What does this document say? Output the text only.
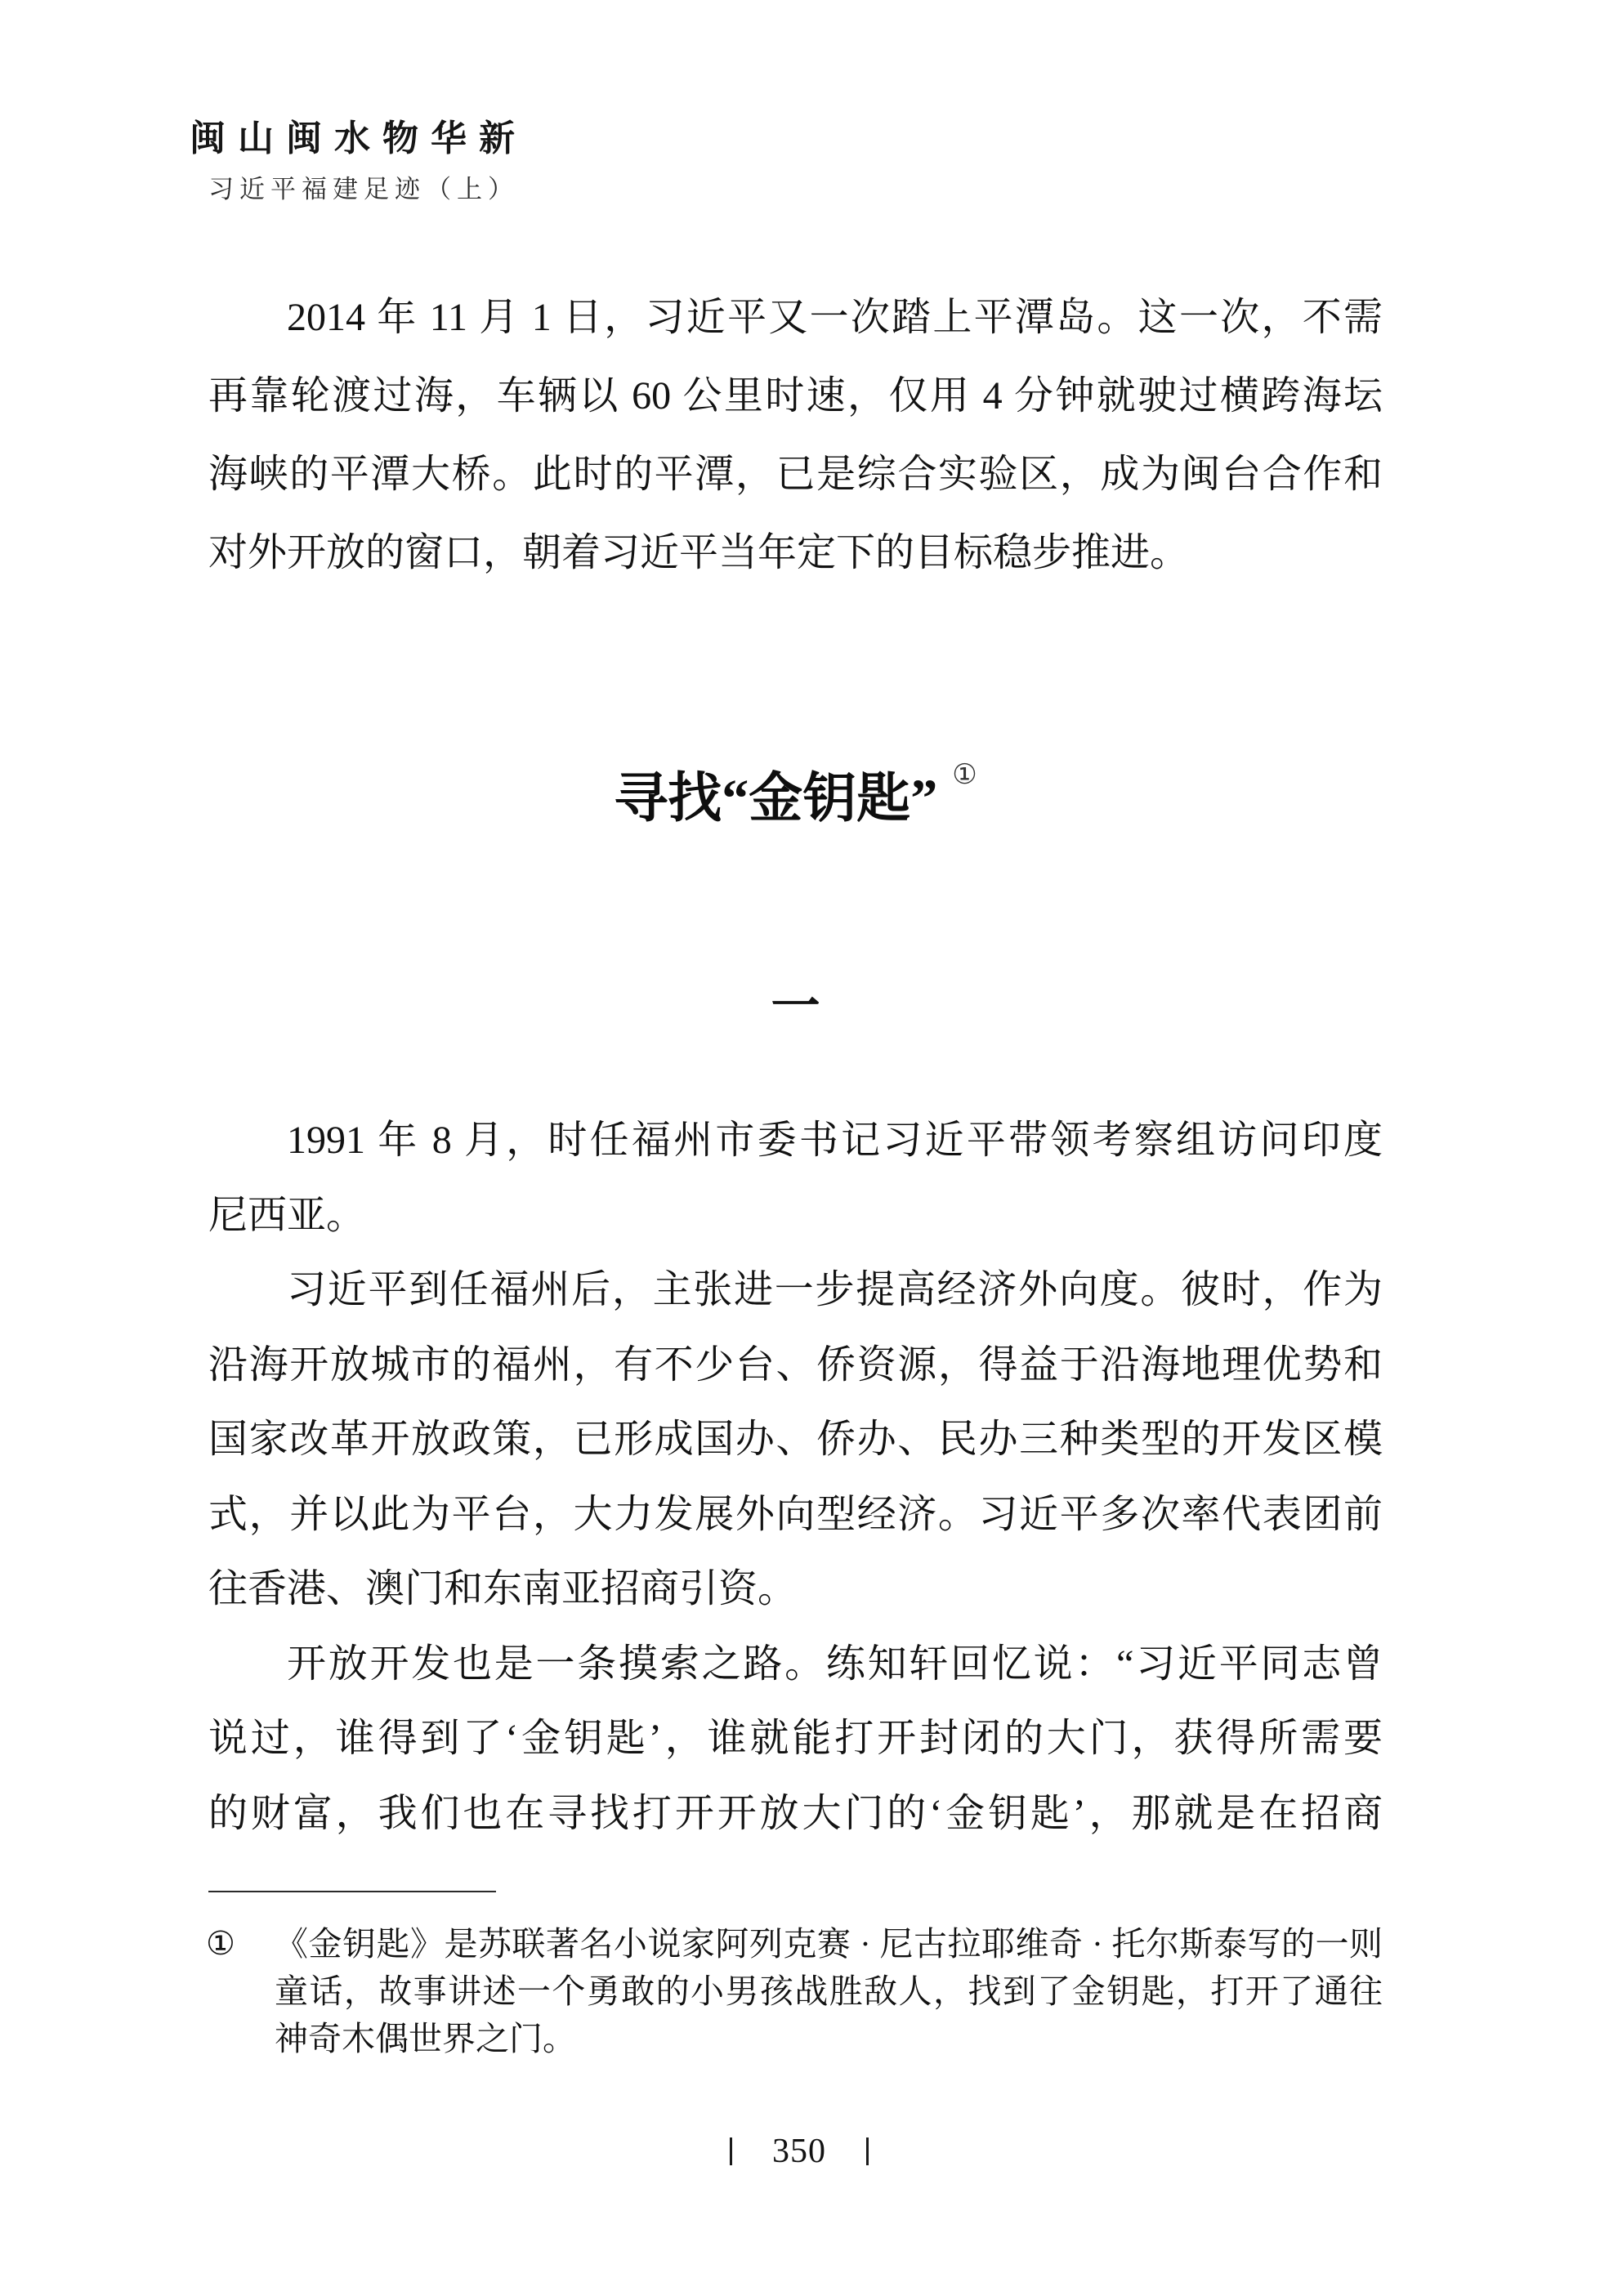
闽山闽水物华新
习近平福建足迹（上）
2014 年 11 月 1 日，习近平又一次踏上平潭岛。这一次，不需
再靠轮渡过海，车辆以 60 公里时速，仅用 4 分钟就驶过横跨海坛
海峡的平潭大桥。此时的平潭，已是综合实验区，成为闽台合作和
对外开放的窗口，朝着习近平当年定下的目标稳步推进。
寻找“金钥匙” ①
一
1991 年 8 月，时任福州市委书记习近平带领考察组访问印度
尼西亚。
习近平到任福州后，主张进一步提高经济外向度。彼时，作为
沿海开放城市的福州，有不少台、侨资源，得益于沿海地理优势和
国家改革开放政策，已形成国办、侨办、民办三种类型的开发区模
式，并以此为平台，大力发展外向型经济。习近平多次率代表团前
往香港、澳门和东南亚招商引资。
开放开发也是一条摸索之路。练知轩回忆说：“习近平同志曾
说过，谁得到了‘金钥匙’，谁就能打开封闭的大门，获得所需要
的财富，我们也在寻找打开开放大门的‘金钥匙’，那就是在招商
① 《金钥匙》是苏联著名小说家阿列克赛 · 尼古拉耶维奇 · 托尔斯泰写的一则
童话，故事讲述一个勇敢的小男孩战胜敌人，找到了金钥匙，打开了通往
神奇木偶世界之门。
350
